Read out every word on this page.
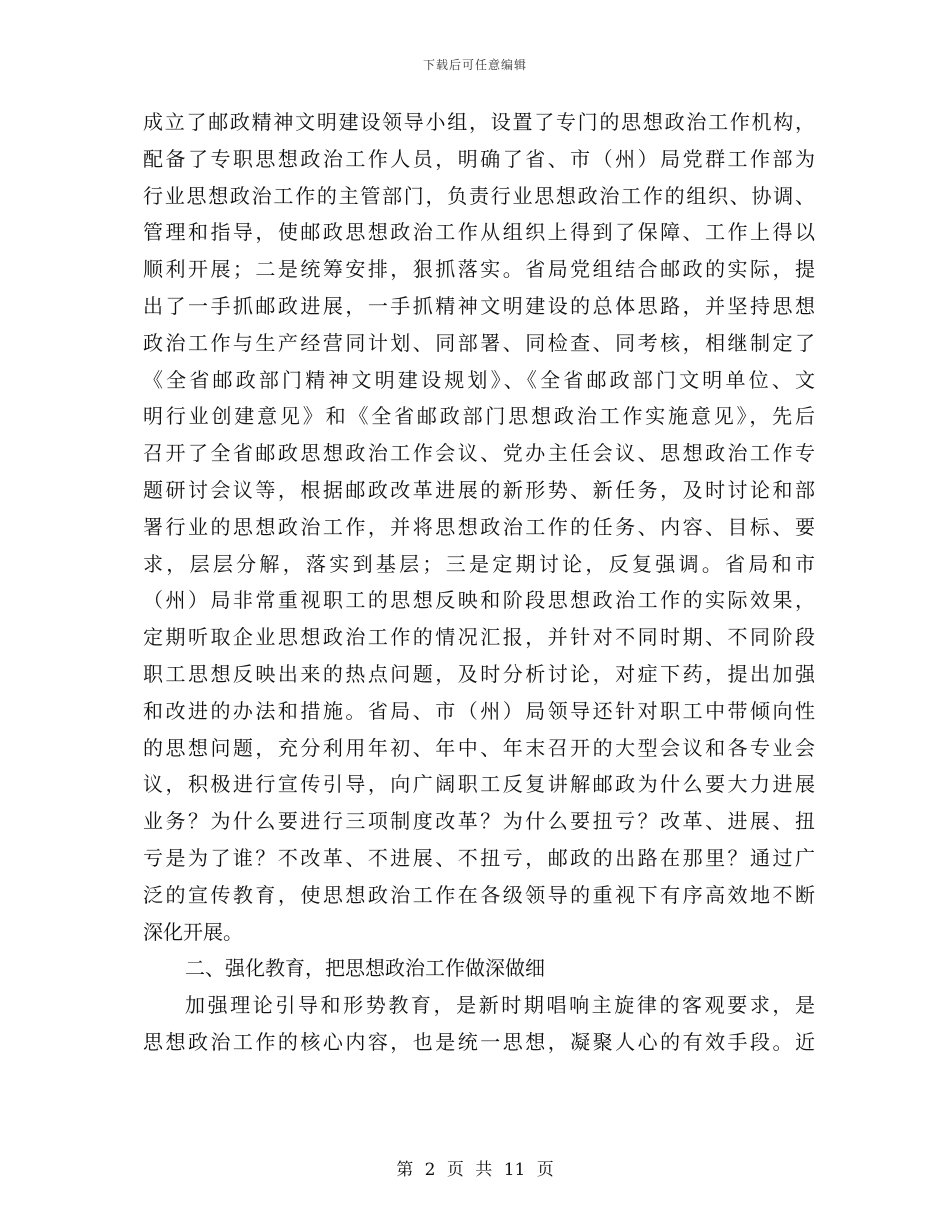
下载后可任意编辑
成立了邮政精神文明建设领导小组，设置了专门的思想政治工作机构，
配备了专职思想政治工作人员，明确了省、市（州）局党群工作部为
行业思想政治工作的主管部门，负责行业思想政治工作的组织、协调、
管理和指导，使邮政思想政治工作从组织上得到了保障、工作上得以
顺利开展；二是统筹安排，狠抓落实。省局党组结合邮政的实际，提
出了一手抓邮政进展，一手抓精神文明建设的总体思路，并坚持思想
政治工作与生产经营同计划、同部署、同检查、同考核，相继制定了
《全省邮政部门精神文明建设规划》、《全省邮政部门文明单位、文
明行业创建意见》和《全省邮政部门思想政治工作实施意见》，先后
召开了全省邮政思想政治工作会议、党办主任会议、思想政治工作专
题研讨会议等，根据邮政改革进展的新形势、新任务，及时讨论和部
署行业的思想政治工作，并将思想政治工作的任务、内容、目标、要
求，层层分解，落实到基层；三是定期讨论，反复强调。省局和市
（州）局非常重视职工的思想反映和阶段思想政治工作的实际效果，
定期听取企业思想政治工作的情况汇报，并针对不同时期、不同阶段
职工思想反映出来的热点问题，及时分析讨论，对症下药，提出加强
和改进的办法和措施。省局、市（州）局领导还针对职工中带倾向性
的思想问题，充分利用年初、年中、年末召开的大型会议和各专业会
议，积极进行宣传引导，向广阔职工反复讲解邮政为什么要大力进展
业务？为什么要进行三项制度改革？为什么要扭亏？改革、进展、扭
亏是为了谁？不改革、不进展、不扭亏，邮政的出路在那里？通过广
泛的宣传教育，使思想政治工作在各级领导的重视下有序高效地不断
深化开展。
二、强化教育，把思想政治工作做深做细
加强理论引导和形势教育，是新时期唱响主旋律的客观要求，是
思想政治工作的核心内容，也是统一思想，凝聚人心的有效手段。近
第 2 页 共 11 页
